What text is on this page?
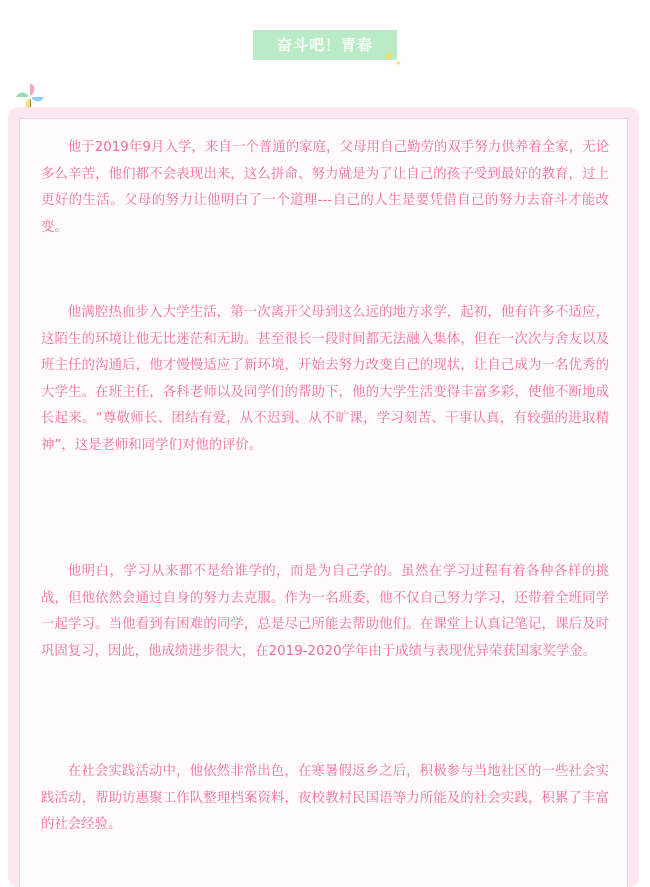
奋斗吧！青春
✦ ✦

他于2019年9月入学，来自一个普通的家庭，父母用自己勤劳的双手努力供养着全家，无论多么辛苦，他们都不会表现出来，这么拼命、努力就是为了让自己的孩子受到最好的教育，过上更好的生活。父母的努力让他明白了一个道理---自己的人生是要凭借自己的努力去奋斗才能改变。

他满腔热血步入大学生活，第一次离开父母到这么远的地方求学，起初，他有许多不适应，这陌生的环境让他无比迷茫和无助。甚至很长一段时间都无法融入集体，但在一次次与舍友以及班主任的沟通后，他才慢慢适应了新环境，开始去努力改变自己的现状，让自己成为一名优秀的大学生。在班主任，各科老师以及同学们的帮助下，他的大学生活变得丰富多彩，使他不断地成长起来。“尊敬师长、团结有爱，从不迟到、从不旷课，学习刻苦、干事认真，有较强的进取精神”，这是老师和同学们对他的评价。

他明白，学习从来都不是给谁学的，而是为自己学的。虽然在学习过程有着各种各样的挑战，但他依然会通过自身的努力去克服。作为一名班委，他不仅自己努力学习，还带着全班同学一起学习。当他看到有困难的同学，总是尽己所能去帮助他们。在课堂上认真记笔记，课后及时巩固复习，因此，他成绩进步很大，在2019-2020学年由于成绩与表现优异荣获国家奖学金。

在社会实践活动中，他依然非常出色，在寒暑假返乡之后，积极参与当地社区的一些社会实践活动，帮助访惠聚工作队整理档案资料，夜校教村民国语等力所能及的社会实践，积累了丰富的社会经验。
